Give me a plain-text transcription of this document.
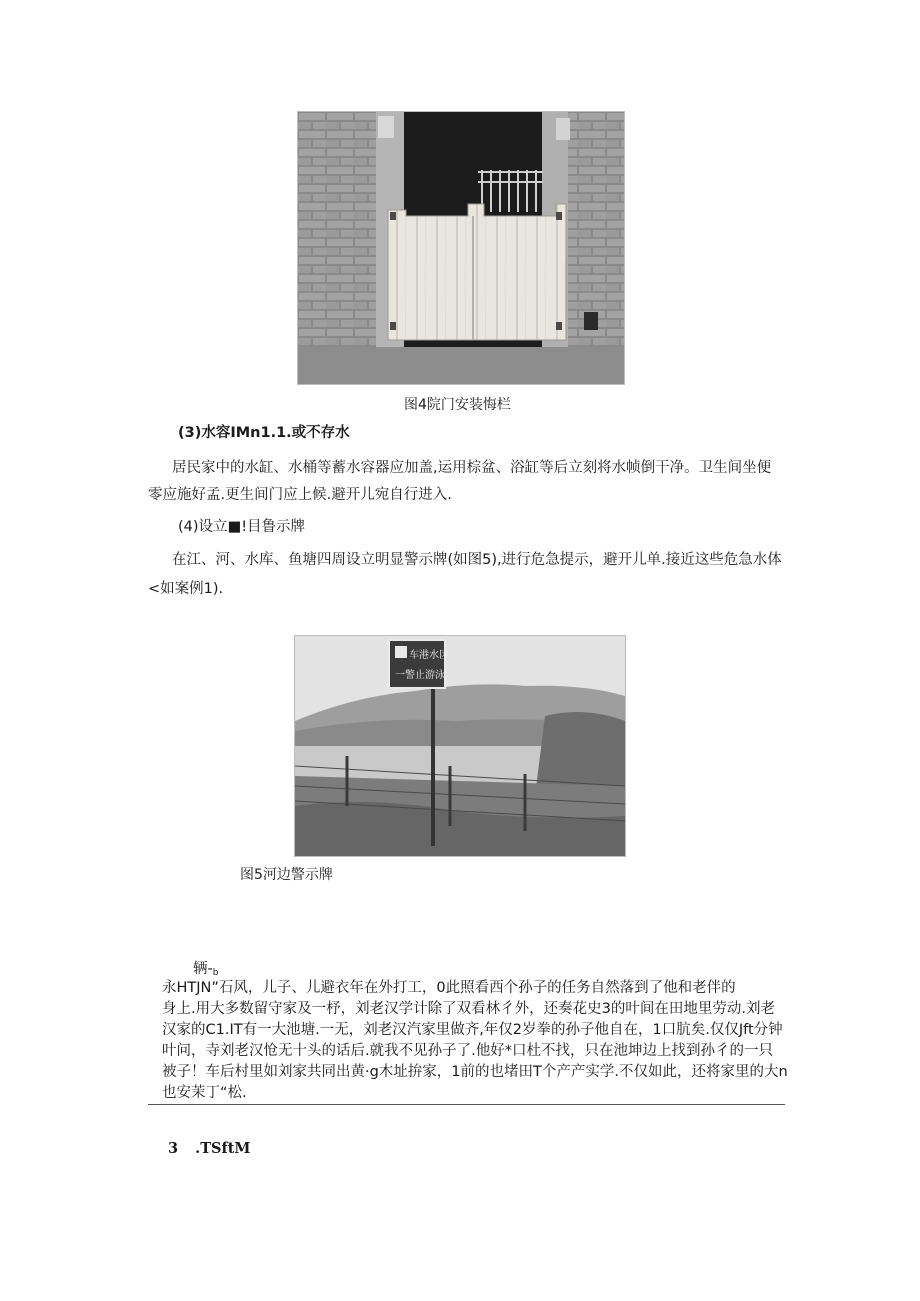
图4院门安装悔栏
(3)水容IMn1.1.或不存水
居民家中的水缸、水桶等蓄水容器应加盖,运用棕盆、浴缸等后立刻将水帧倒干净。卫生间坐便
零应施好孟.更生间门应上候.避开儿宛自行进入.
(4)设立■!目鲁示牌
在江、河、水库、鱼塘四周设立明显警示牌(如图5),进行危急提示，避开儿单.接近这些危急水体
<如案例1).
车港水区
一警止游泳
图5河边警示牌
辆-b
永HTJN”石风，儿子、儿避衣年在外打工，0此照看西个孙子的任务自然落到了他和老伴的
身上.用大多数留守家及一杼，刘老汉学计除了双看林彳外，还奏花史3的叶间在田地里劳动.刘老
汉家的C1.IT有一大池塘.一无，刘老汉汽家里做齐,年仅2岁拳的孙子他自在，1口肮矣.仅仅Jft分钟
叶问，寺刘老汉怆无十头的话后.就我不见孙子了.他好*口杜不找，只在池坤边上找到孙彳的一只
被子！车后村里如刘家共同出黄·g木址拚家，1前的也堵田T个产产实学.不仅如此，还将家里的大n
也安茉丁“松.
3 .TSftM
